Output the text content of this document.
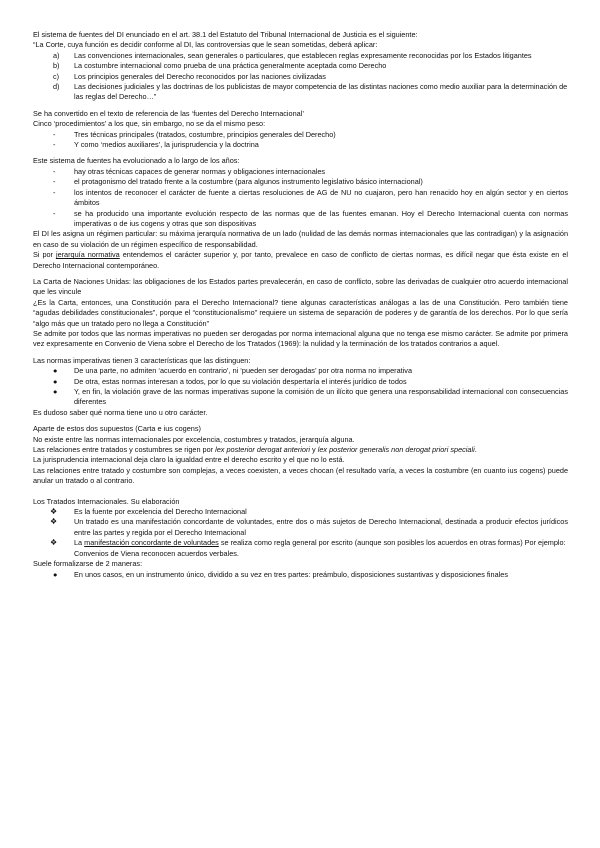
El sistema de fuentes del DI enunciado en el art. 38.1 del Estatuto del Tribunal Internacional de Justicia es el siguiente:

“La Corte, cuya función es decidir conforme al DI, las controversias que le sean sometidas, deberá aplicar:

a) Las convenciones internacionales, sean generales o particulares, que establecen reglas expresamente reconocidas por los Estados litigantes
b) La costumbre internacional como prueba de una práctica generalmente aceptada como Derecho
c) Los principios generales del Derecho reconocidos por las naciones civilizadas
d) Las decisiones judiciales y las doctrinas de los publicistas de mayor competencia de las distintas naciones como medio auxiliar para la determinación de las reglas del Derecho…”

Se ha convertido en el texto de referencia de las ‘fuentes del Derecho Internacional’

Cinco ‘procedimientos’ a los que, sin embargo, no se da el mismo peso:

-	Tres técnicas principales (tratados, costumbre, principios generales del Derecho)
-	Y como ‘medios auxiliares’, la jurisprudencia y la doctrina

Este sistema de fuentes ha evolucionado a lo largo de los años:

-	hay otras técnicas capaces de generar normas y obligaciones internacionales
-	el protagonismo del tratado frente a la costumbre (para algunos instrumento legislativo básico internacional)
-	los intentos de reconocer el carácter de fuente a ciertas resoluciones de AG de NU no cuajaron, pero han renacido hoy en algún sector y en ciertos ámbitos
-	se ha producido una importante evolución respecto de las normas que de las fuentes emanan. Hoy el Derecho Internacional cuenta con normas imperativas o de ius cogens y otras que son dispositivas

El DI les asigna un régimen particular: su máxima jerarquía normativa de un lado (nulidad de las demás normas internacionales que las contradigan) y la asignación en caso de su violación de un régimen específico de responsabilidad.

Si por jerarquía normativa entendemos el carácter superior y, por tanto, prevalece en caso de conflicto de ciertas normas, es difícil negar que ésta existe en el Derecho Internacional contemporáneo.

La Carta de Naciones Unidas: las obligaciones de los Estados partes prevalecerán, en caso de conflicto, sobre las derivadas de cualquier otro acuerdo internacional que les vincule

¿Es la Carta, entonces, una Constitución para el Derecho Internacional? tiene algunas características análogas a las de una Constitución. Pero también tiene “agudas debilidades constitucionales”, porque el “constitucionalismo” requiere un sistema de separación de poderes y de garantía de los derechos. Por lo que sería “algo más que un tratado pero no llega a Constitución”

Se admite por todos que las normas imperativas no pueden ser derogadas por norma internacional alguna que no tenga ese mismo carácter. Se admite por primera vez expresamente en Convenio de Viena sobre el Derecho de los Tratados (1969): la nulidad y la terminación de los tratados contrarios a aquel.

Las normas imperativas tienen 3 características que las distinguen:

● De una parte, no admiten ‘acuerdo en contrario’, ni ‘pueden ser derogadas’ por otra norma no imperativa
● De otra, estas normas interesan a todos, por lo que su violación despertaría el interés jurídico de todos
● Y, en fin, la violación grave de las normas imperativas supone la comisión de un ilícito que genera una responsabilidad internacional con consecuencias diferentes

Es dudoso saber qué norma tiene uno u otro carácter.

Aparte de estos dos supuestos (Carta e ius cogens)

No existe entre las normas internacionales por excelencia, costumbres y tratados, jerarquía alguna.

Las relaciones entre tratados y costumbres se rigen por lex posterior derogat anteriori y lex posterior generalis non derogat priori speciali.

La jurisprudencia internacional deja claro la igualdad entre el derecho escrito y el que no lo está.

Las relaciones entre tratado y costumbre son complejas, a veces coexisten, a veces chocan (el resultado varía, a veces la costumbre (en cuanto ius cogens) puede anular un tratado o al contrario.

Los Tratados Internacionales. Su elaboración

❖ Es la fuente por excelencia del Derecho Internacional
❖ Un tratado es una manifestación concordante de voluntades, entre dos o más sujetos de Derecho Internacional, destinada a producir efectos jurídicos entre las partes y regida por el Derecho Internacional
❖ La manifestación concordante de voluntades se realiza como regla general por escrito (aunque son posibles los acuerdos en otras formas) Por ejemplo: Convenios de Viena reconocen acuerdos verbales.

Suele formalizarse de 2 maneras:

● En unos casos, en un instrumento único, dividido a su vez en tres partes: preámbulo, disposiciones sustantivas y disposiciones finales
